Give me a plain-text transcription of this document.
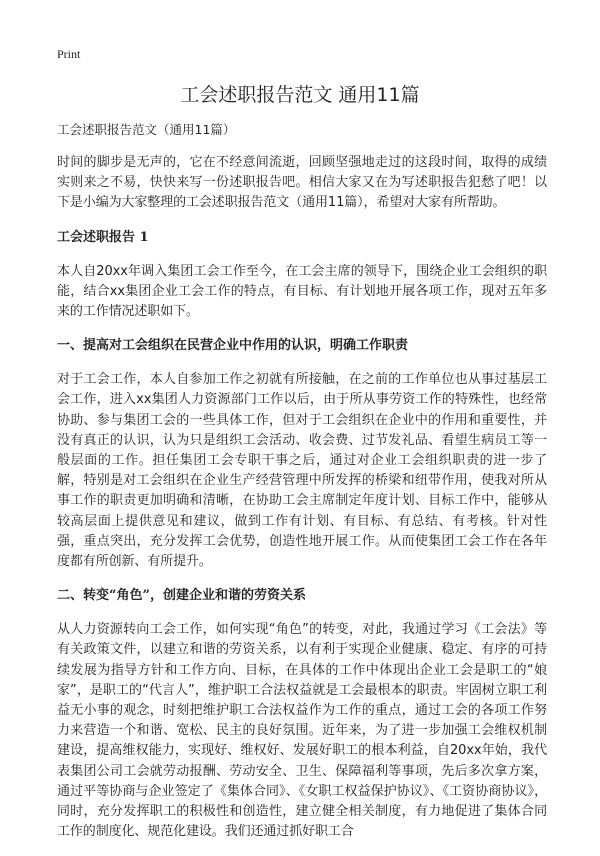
Print
工会述职报告范文 通用11篇

工会述职报告范文（通用11篇）

时间的脚步是无声的，它在不经意间流逝，回顾坚强地走过的这段时间，取得的成绩实则来之不易，快快来写一份述职报告吧。相信大家又在为写述职报告犯愁了吧！以下是小编为大家整理的工会述职报告范文（通用11篇），希望对大家有所帮助。

工会述职报告 1

本人自20xx年调入集团工会工作至今，在工会主席的领导下，围绕企业工会组织的职能，结合xx集团企业工会工作的特点，有目标、有计划地开展各项工作，现对五年多来的工作情况述职如下。

一、提高对工会组织在民营企业中作用的认识，明确工作职责

对于工会工作，本人自参加工作之初就有所接触，在之前的工作单位也从事过基层工会工作，进入xx集团人力资源部门工作以后，由于所从事劳资工作的特殊性，也经常协助、参与集团工会的一些具体工作，但对于工会组织在企业中的作用和重要性，并没有真正的认识，认为只是组织工会活动、收会费、过节发礼品、看望生病员工等一般层面的工作。担任集团工会专职干事之后，通过对企业工会组织职责的进一步了解，特别是对工会组织在企业生产经营管理中所发挥的桥梁和纽带作用，使我对所从事工作的职责更加明确和清晰，在协助工会主席制定年度计划、目标工作中，能够从较高层面上提供意见和建议，做到工作有计划、有目标、有总结、有考核。针对性强，重点突出，充分发挥工会优势，创造性地开展工作。从而使集团工会工作在各年度都有所创新、有所提升。

二、转变“角色”，创建企业和谐的劳资关系

从人力资源转向工会工作，如何实现“角色”的转变，对此，我通过学习《工会法》等有关政策文件，以建立和谐的劳资关系，以有利于实现企业健康、稳定、有序的可持续发展为指导方针和工作方向、目标，在具体的工作中体现出企业工会是职工的“娘家”，是职工的“代言人”，维护职工合法权益就是工会最根本的职责。牢固树立职工利益无小事的观念，时刻把维护职工合法权益作为工作的重点，通过工会的各项工作努力来营造一个和谐、宽松、民主的良好氛围。近年来，为了进一步加强工会维权机制建设，提高维权能力，实现好、维权好、发展好职工的根本利益，自20xx年始，我代表集团公司工会就劳动报酬、劳动安全、卫生、保障福利等事项，先后多次拿方案，通过平等协商与企业签定了《集体合同》、《女职工权益保护协议》、《工资协商协议》，同时，充分发挥职工的积极性和创造性，建立健全相关制度，有力地促进了集体合同工作的制度化、规范化建设。我们还通过抓好职工合
